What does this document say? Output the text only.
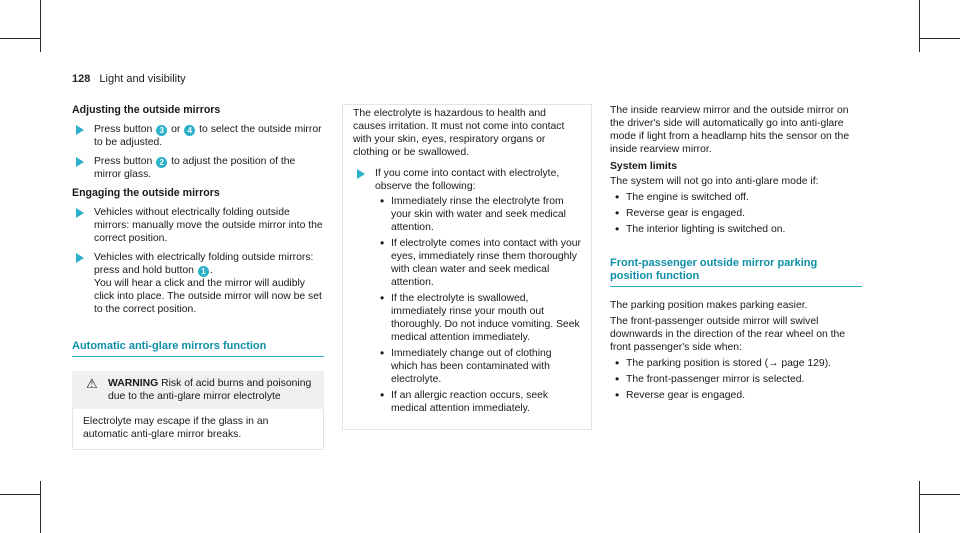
128 Light and visibility
Adjusting the outside mirrors
Press button 3 or 4 to select the outside mirror to be adjusted.
Press button 2 to adjust the position of the mirror glass.
Engaging the outside mirrors
Vehicles without electrically folding outside mirrors: manually move the outside mirror into the correct position.
Vehicles with electrically folding outside mirrors: press and hold button 1 .
You will hear a click and the mirror will audibly click into place. The outside mirror will now be set to the correct position.
Automatic anti-glare mirrors function
⚠ WARNING Risk of acid burns and poisoning due to the anti-glare mirror electrolyte
Electrolyte may escape if the glass in an automatic anti-glare mirror breaks.
The electrolyte is hazardous to health and causes irritation. It must not come into contact with your skin, eyes, respiratory organs or clothing or be swallowed.
If you come into contact with electrolyte, observe the following:
• Immediately rinse the electrolyte from your skin with water and seek medical attention.
• If electrolyte comes into contact with your eyes, immediately rinse them thoroughly with clean water and seek medical attention.
• If the electrolyte is swallowed, immediately rinse your mouth out thoroughly. Do not induce vomiting. Seek medical attention immediately.
• Immediately change out of clothing which has been contaminated with electrolyte.
• If an allergic reaction occurs, seek medical attention immediately.
The inside rearview mirror and the outside mirror on the driver's side will automatically go into anti-glare mode if light from a headlamp hits the sensor on the inside rearview mirror.
System limits
The system will not go into anti-glare mode if:
• The engine is switched off.
• Reverse gear is engaged.
• The interior lighting is switched on.
Front-passenger outside mirror parking position function
The parking position makes parking easier.
The front-passenger outside mirror will swivel downwards in the direction of the rear wheel on the front passenger's side when:
• The parking position is stored (→ page 129).
• The front-passenger mirror is selected.
• Reverse gear is engaged.
